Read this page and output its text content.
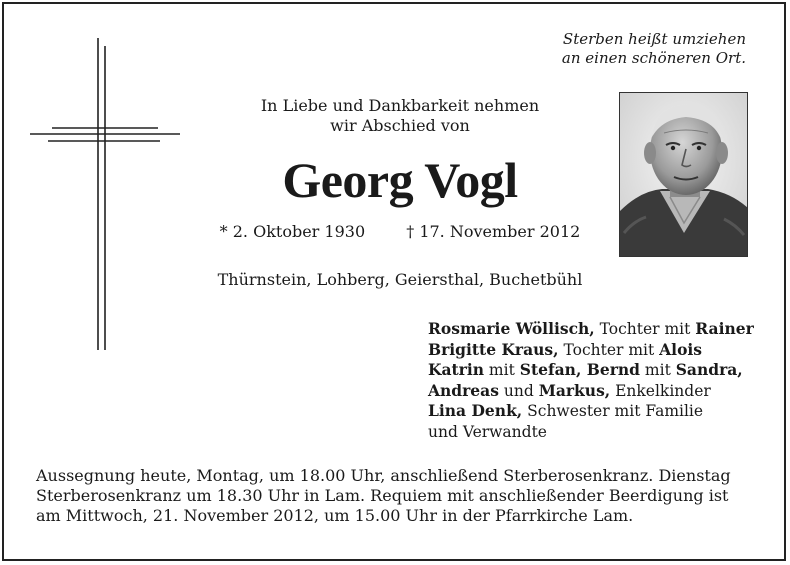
Sterben heißt umziehen
an einen schöneren Ort.
In Liebe und Dankbarkeit nehmen
wir Abschied von
Georg Vogl
* 2. Oktober 1930	† 17. November 2012
Thürnstein, Lohberg, Geiersthal, Buchetbühl
Rosmarie Wöllisch, Tochter mit Rainer
Brigitte Kraus, Tochter mit Alois
Katrin mit Stefan, Bernd mit Sandra,
Andreas und Markus, Enkelkinder
Lina Denk, Schwester mit Familie
und Verwandte
Aussegnung heute, Montag, um 18.00 Uhr, anschließend Sterberosenkranz. Dienstag
Sterberosenkranz um 18.30 Uhr in Lam. Requiem mit anschließender Beerdigung ist
am Mittwoch, 21. November 2012, um 15.00 Uhr in der Pfarrkirche Lam.
